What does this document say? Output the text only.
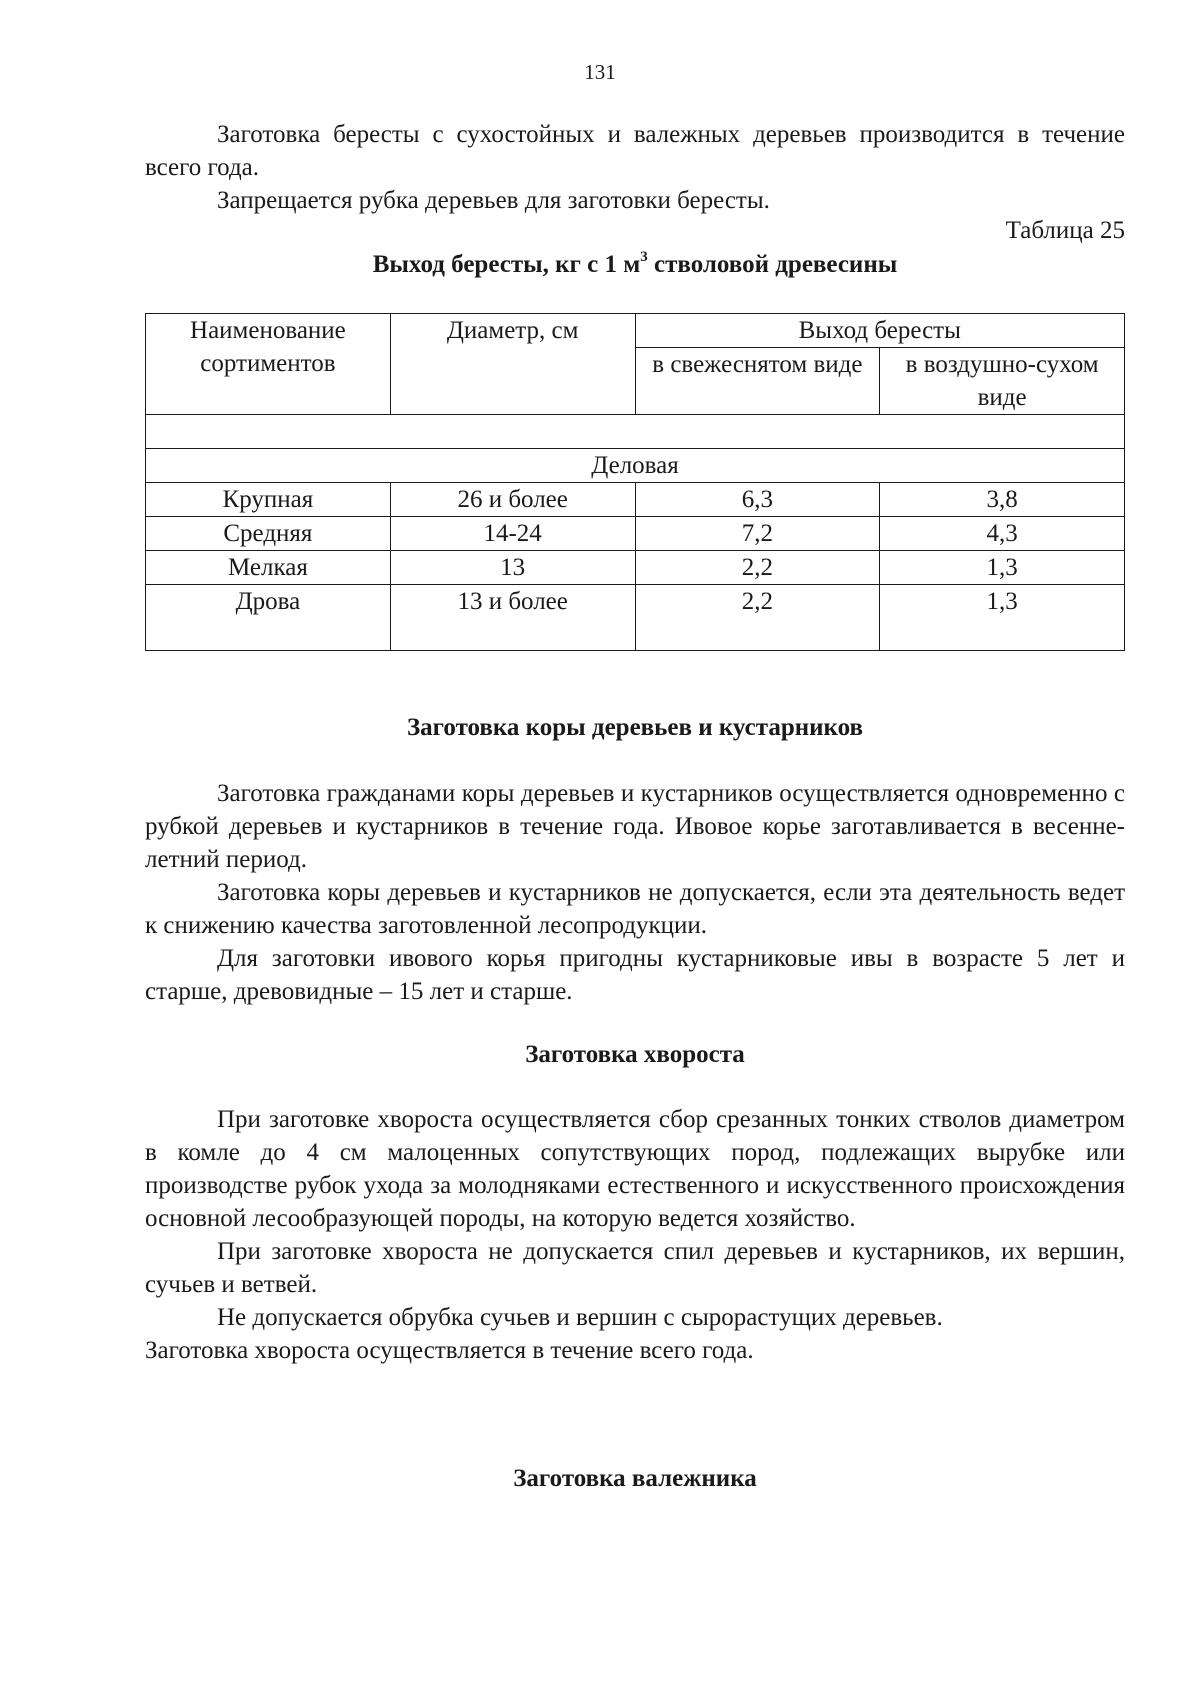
131

Заготовка бересты с сухостойных и валежных деревьев производится в течение всего года.

Запрещается рубка деревьев для заготовки бересты.

Таблица 25
Выход бересты, кг с 1 $м^3$ стволовой древесины
Наименование сортиментов	Диаметр, см	Выход бересты	
		в свежеснятом виде	в воздушно-сухом виде

Деловая			
Крупная	26 и более	6,3	3,8
Средняя	14-24	7,2	4,3
Мелкая	13	2,2	1,3
Дрова	13 и более	2,2	1,3
Заготовка коры деревьев и кустарников

Заготовка гражданами коры деревьев и кустарников осуществляется одновременно с рубкой деревьев и кустарников в течение года. Ивовое корье заготавливается в весенне-летний период.

Заготовка коры деревьев и кустарников не допускается, если эта деятельность ведет к снижению качества заготовленной лесопродукции.

Для заготовки ивового корья пригодны кустарниковые ивы в возрасте 5 лет и старше, древовидные – 15 лет и старше.

Заготовка хвороста

При заготовке хвороста осуществляется сбор срезанных тонких стволов диаметром в комле до 4 см малоценных сопутствующих пород, подлежащих вырубке или производстве рубок ухода за молодняками естественного и искусственного происхождения основной лесообразующей породы, на которую ведется хозяйство.

При заготовке хвороста не допускается спил деревьев и кустарников, их вершин, сучьев и ветвей.

Не допускается обрубка сучьев и вершин с сырорастущих деревьев.

Заготовка хвороста осуществляется в течение всего года.

Заготовка валежника
